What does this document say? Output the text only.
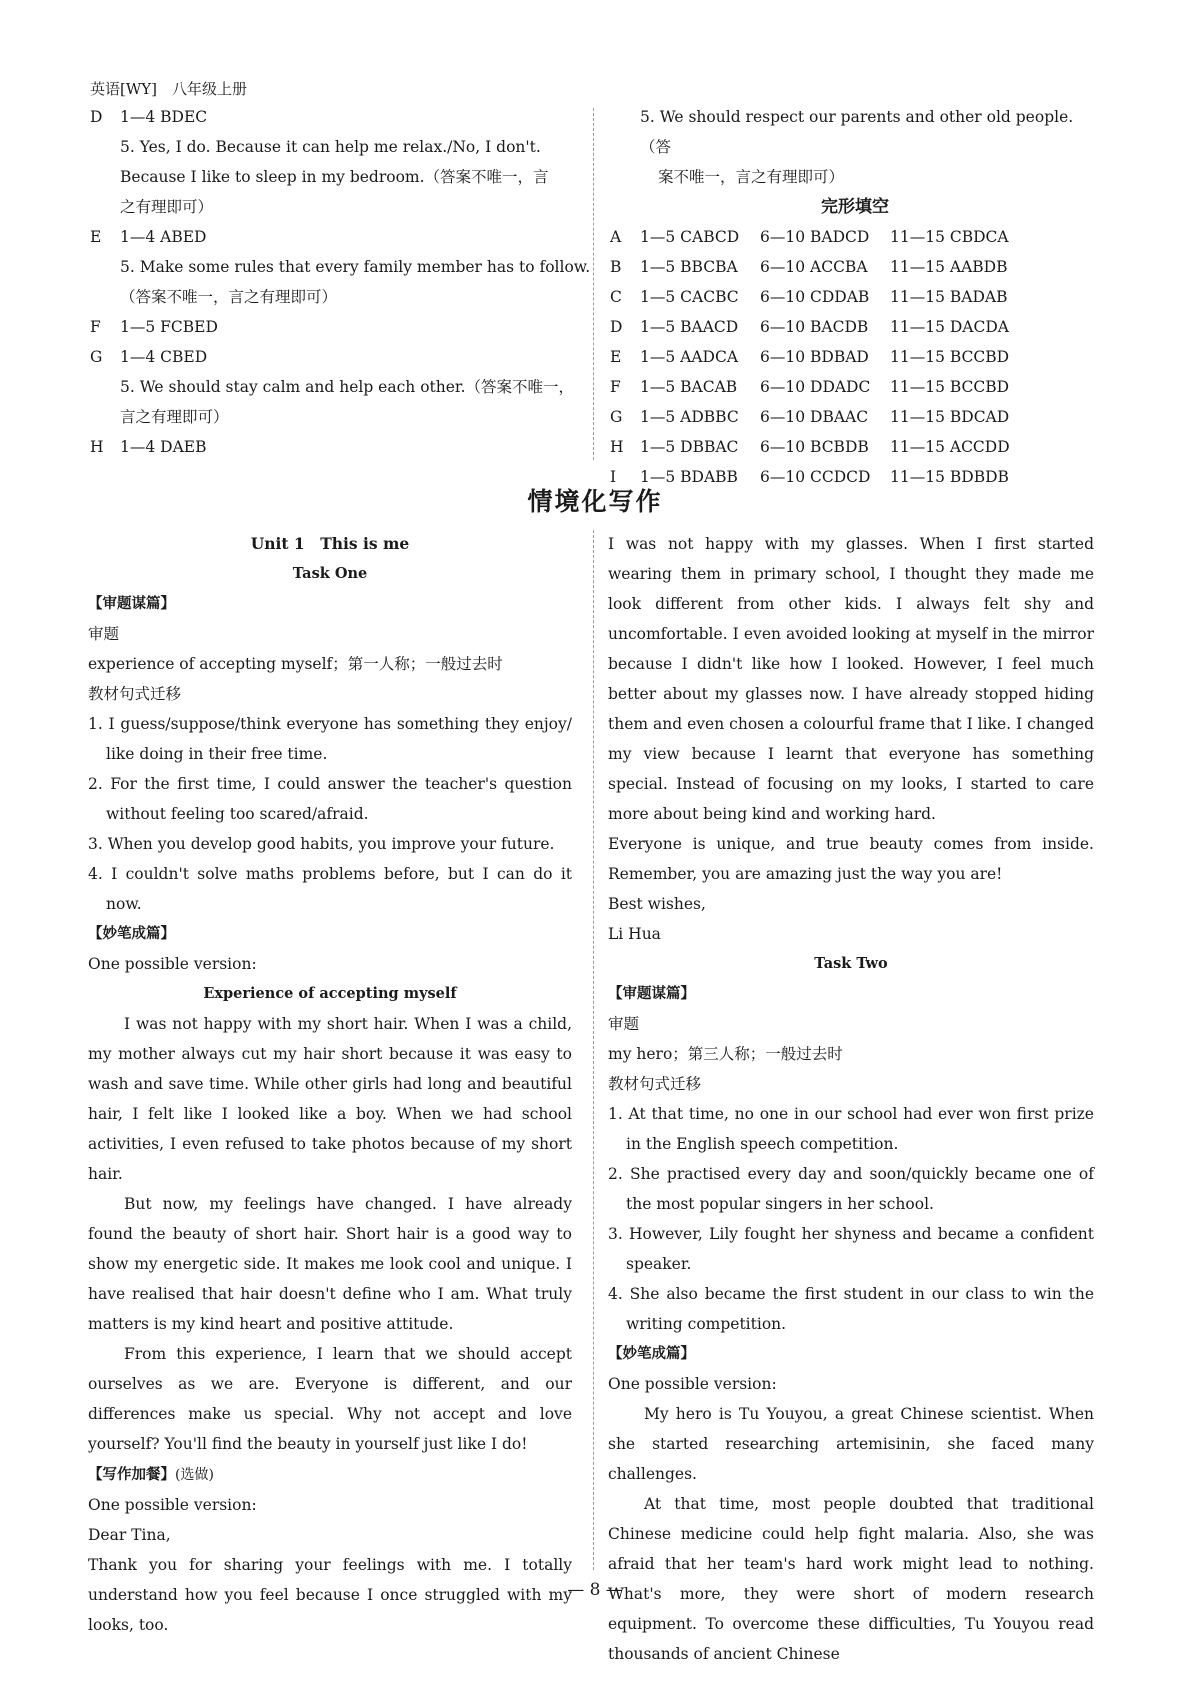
英语[WY]　八年级上册

D 1—4 BDEC

5. Yes, I do. Because it can help me relax./No, I don't.

Because I like to sleep in my bedroom.（答案不唯一，言

之有理即可）

E 1—4 ABED

5. Make some rules that every family member has to follow.

（答案不唯一，言之有理即可）

F 1—5 FCBED

G 1—4 CBED

5. We should stay calm and help each other.（答案不唯一，

言之有理即可）

H 1—4 DAEB

5. We should respect our parents and other old people.（答

案不唯一，言之有理即可）

完形填空

A 1—5 CABCD 6—10 BADCD 11—15 CBDCA

B 1—5 BBCBA 6—10 ACCBA 11—15 AABDB

C 1—5 CACBC 6—10 CDDAB 11—15 BADAB

D 1—5 BAACD 6—10 BACDB 11—15 DACDA

E 1—5 AADCA 6—10 BDBAD 11—15 BCCBD

F 1—5 BACAB 6—10 DDADC 11—15 BCCBD

G 1—5 ADBBC 6—10 DBAAC 11—15 BDCAD

H 1—5 DBBAC 6—10 BCBDB 11—15 ACCDD

I 1—5 BDABB 6—10 CCDCD 11—15 BDBDB

情境化写作

Unit 1　This is me

Task One

【审题谋篇】

审题

experience of accepting myself；第一人称；一般过去时

教材句式迁移

1. I guess/suppose/think everyone has something they enjoy/ like doing in their free time.

2. For the first time, I could answer the teacher's question without feeling too scared/afraid.

3. When you develop good habits, you improve your future.

4. I couldn't solve maths problems before, but I can do it now.

【妙笔成篇】

One possible version:

Experience of accepting myself

I was not happy with my short hair. When I was a child, my mother always cut my hair short because it was easy to wash and save time. While other girls had long and beautiful hair, I felt like I looked like a boy. When we had school activities, I even refused to take photos because of my short hair.

But now, my feelings have changed. I have already found the beauty of short hair. Short hair is a good way to show my energetic side. It makes me look cool and unique. I have realised that hair doesn't define who I am. What truly matters is my kind heart and positive attitude.

From this experience, I learn that we should accept ourselves as we are. Everyone is different, and our differences make us special. Why not accept and love yourself? You'll find the beauty in yourself just like I do!

【写作加餐】(选做)

One possible version:

Dear Tina,

Thank you for sharing your feelings with me. I totally understand how you feel because I once struggled with my looks, too.

I was not happy with my glasses. When I first started wearing them in primary school, I thought they made me look different from other kids. I always felt shy and uncomfortable. I even avoided looking at myself in the mirror because I didn't like how I looked. However, I feel much better about my glasses now. I have already stopped hiding them and even chosen a colourful frame that I like. I changed my view because I learnt that everyone has something special. Instead of focusing on my looks, I started to care more about being kind and working hard.

Everyone is unique, and true beauty comes from inside. Remember, you are amazing just the way you are!

Best wishes,

Li Hua

Task Two

【审题谋篇】

审题

my hero；第三人称；一般过去时

教材句式迁移

1. At that time, no one in our school had ever won first prize in the English speech competition.

2. She practised every day and soon/quickly became one of the most popular singers in her school.

3. However, Lily fought her shyness and became a confident speaker.

4. She also became the first student in our class to win the writing competition.

【妙笔成篇】

One possible version:

My hero is Tu Youyou, a great Chinese scientist. When she started researching artemisinin, she faced many challenges.

At that time, most people doubted that traditional Chinese medicine could help fight malaria. Also, she was afraid that her team's hard work might lead to nothing. What's more, they were short of modern research equipment. To overcome these difficulties, Tu Youyou read thousands of ancient Chinese

— 8 —
